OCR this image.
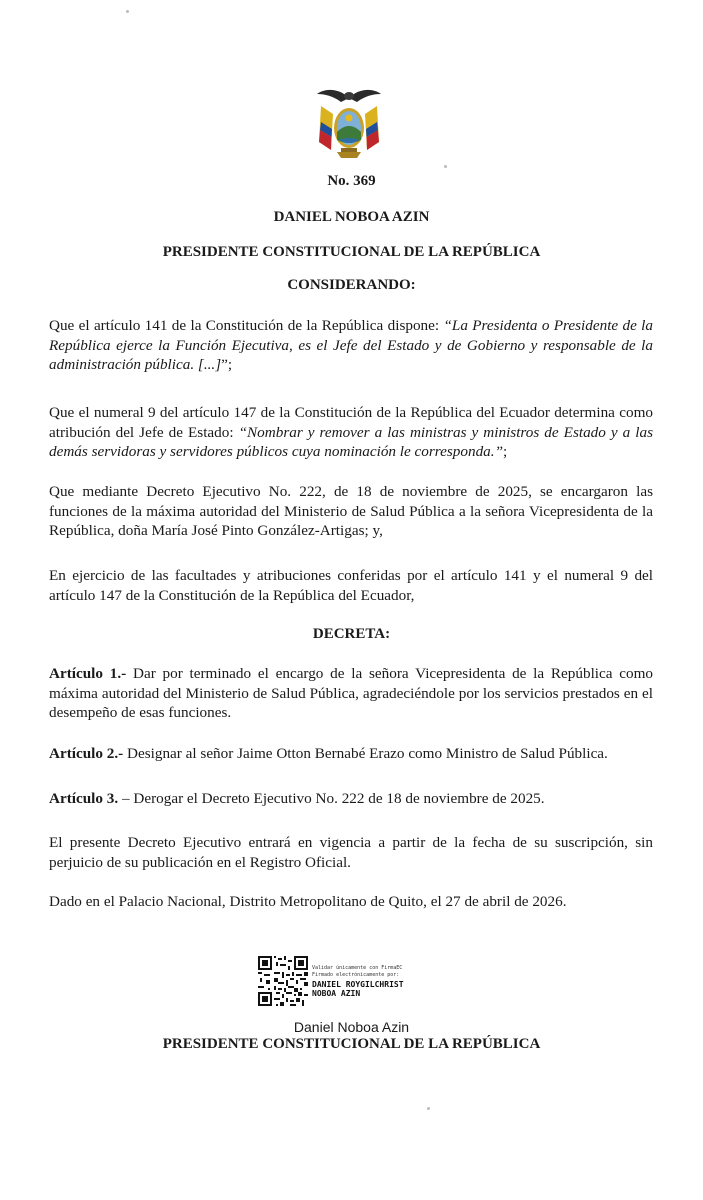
No. 369
DANIEL NOBOA AZIN
PRESIDENTE CONSTITUCIONAL DE LA REPÚBLICA
CONSIDERANDO:
Que el artículo 141 de la Constitución de la República dispone: “La Presidenta o Presidente de la República ejerce la Función Ejecutiva, es el Jefe del Estado y de Gobierno y responsable de la administración pública. [...]”;
Que el numeral 9 del artículo 147 de la Constitución de la República del Ecuador determina como atribución del Jefe de Estado: “Nombrar y remover a las ministras y ministros de Estado y a las demás servidoras y servidores públicos cuya nominación le corresponda.”;
Que mediante Decreto Ejecutivo No. 222, de 18 de noviembre de 2025, se encargaron las funciones de la máxima autoridad del Ministerio de Salud Pública a la señora Vicepresidenta de la República, doña María José Pinto González-Artigas; y,
En ejercicio de las facultades y atribuciones conferidas por el artículo 141 y el numeral 9 del artículo 147 de la Constitución de la República del Ecuador,
DECRETA:
Artículo 1.- Dar por terminado el encargo de la señora Vicepresidenta de la República como máxima autoridad del Ministerio de Salud Pública, agradeciéndole por los servicios prestados en el desempeño de esas funciones.
Artículo 2.- Designar al señor Jaime Otton Bernabé Erazo como Ministro de Salud Pública.
Artículo 3. – Derogar el Decreto Ejecutivo No. 222 de 18 de noviembre de 2025.
El presente Decreto Ejecutivo entrará en vigencia a partir de la fecha de su suscripción, sin perjuicio de su publicación en el Registro Oficial.
Dado en el Palacio Nacional, Distrito Metropolitano de Quito, el 27 de abril de 2026.
Validar únicamente con FirmaEC
Firmado electrónicamente por:
DANIEL ROYGILCHRIST
NOBOA AZIN
Daniel Noboa Azin
PRESIDENTE CONSTITUCIONAL DE LA REPÚBLICA
